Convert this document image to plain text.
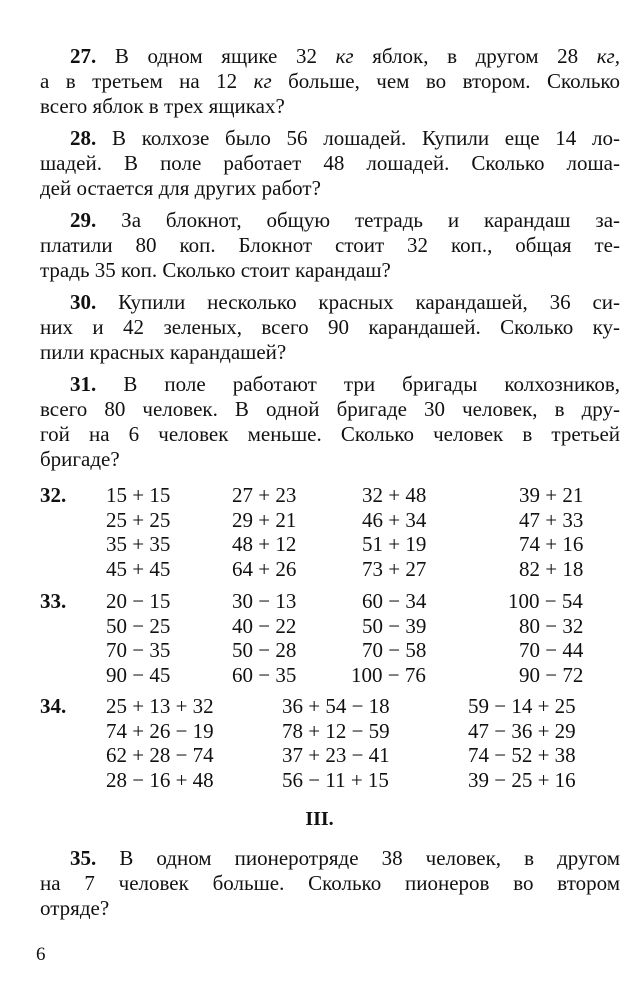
27. В одном ящике 32 кг яблок, в другом 28 кг,
а в третьем на 12 кг больше, чем во втором. Сколько
всего яблок в трех ящиках?
28. В колхозе было 56 лошадей. Купили еще 14 ло-
шадей. В поле работает 48 лошадей. Сколько лоша-
дей остается для других работ?
29. За блокнот, общую тетрадь и карандаш за-
платили 80 коп. Блокнот стоит 32 коп., общая те-
традь 35 коп. Сколько стоит карандаш?
30. Купили несколько красных карандашей, 36 си-
них и 42 зеленых, всего 90 карандашей. Сколько ку-
пили красных карандашей?
31. В поле работают три бригады колхозников,
всего 80 человек. В одной бригаде 30 человек, в дру-
гой на 6 человек меньше. Сколько человек в третьей
бригаде?
32. 15 + 15	27 + 23	32 + 48	39 + 21
25 + 25	29 + 21	46 + 34	47 + 33
35 + 35	48 + 12	51 + 19	74 + 16
45 + 45	64 + 26	73 + 27	82 + 18
33. 20 − 15	30 − 13	60 − 34	100 − 54
50 − 25	40 − 22	50 − 39	80 − 32
70 − 35	50 − 28	70 − 58	70 − 44
90 − 45	60 − 35	100 − 76	90 − 72
34. 25 + 13 + 32	36 + 54 − 18	59 − 14 + 25
74 + 26 − 19	78 + 12 − 59	47 − 36 + 29
62 + 28 − 74	37 + 23 − 41	74 − 52 + 38
28 − 16 + 48	56 − 11 + 15	39 − 25 + 16
III.
35. В одном пионеротряде 38 человек, в другом
на 7 человек больше. Сколько пионеров во втором
отряде?
6
